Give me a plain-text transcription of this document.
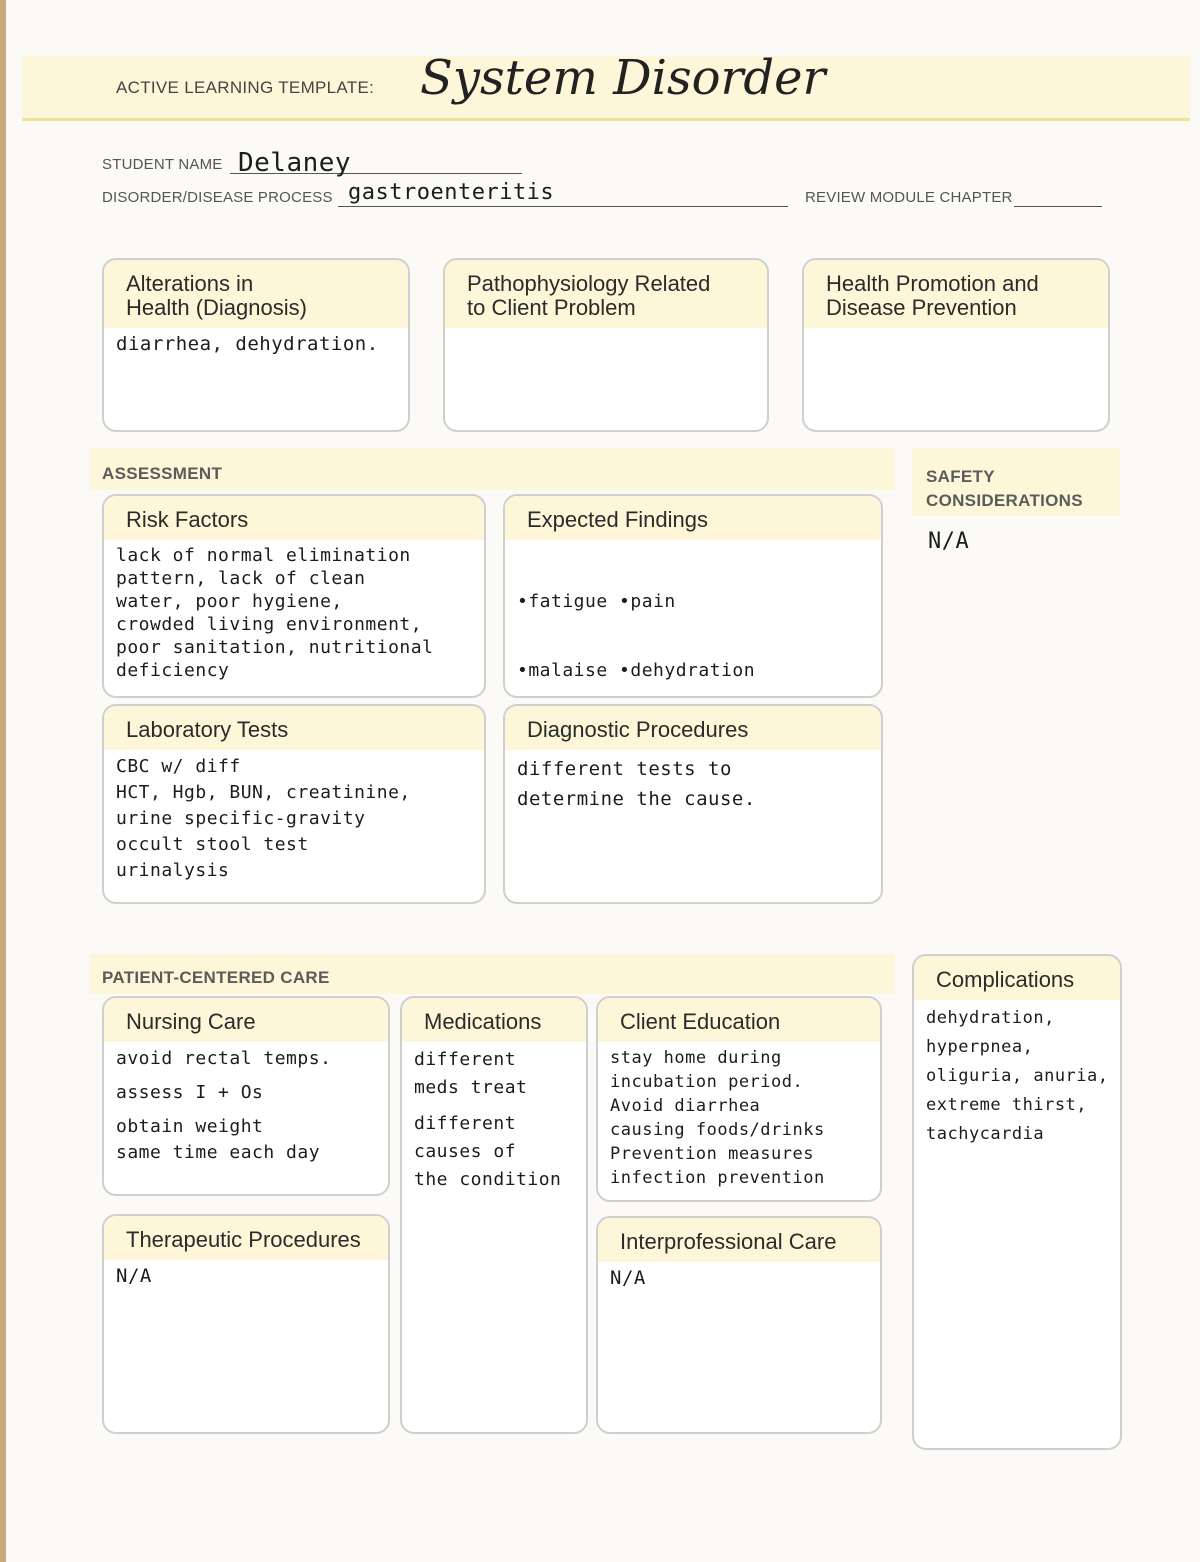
ACTIVE LEARNING TEMPLATE: System Disorder
STUDENT NAME Delaney
DISORDER/DISEASE PROCESS gastroenteritis	REVIEW MODULE CHAPTER
Alterations in
Health (Diagnosis)
diarrhea, dehydration.
Pathophysiology Related
to Client Problem
Health Promotion and
Disease Prevention
ASSESSMENT	SAFETY
CONSIDERATIONS
N/A
Risk Factors
lack of normal elimination
pattern, lack of clean
water, poor hygiene,
crowded living environment,
poor sanitation, nutritional
deficiency
Expected Findings

•fatigue •pain

•malaise •dehydration

Laboratory Tests
CBC w/ diff
HCT, Hgb, BUN, creatinine,
urine specific-gravity
occult stool test
urinalysis
Diagnostic Procedures
different tests to
determine the cause.
PATIENT-CENTERED CARE	Complications
dehydration,
hyperpnea,
oliguria, anuria,
extreme thirst,
tachycardia
Nursing Care
avoid rectal temps.
assess I + Os
obtain weight
same time each day
Medications
different
meds treat
different
causes of
the condition
Client Education
stay home during
incubation period.
Avoid diarrhea
causing foods/drinks
Prevention measures
infection prevention
Therapeutic Procedures
N/A
Interprofessional Care
N/A
